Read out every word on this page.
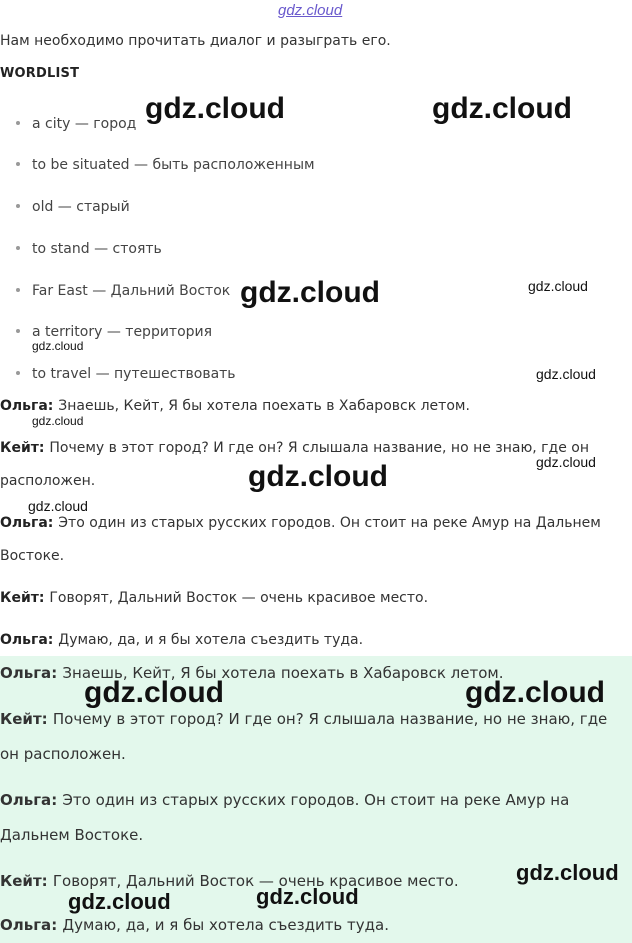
gdz.cloud
Нам необходимо прочитать диалог и разыграть его.
WORDLIST
a city — город
to be situated — быть расположенным
old — старый
to stand — стоять
Far East — Дальний Восток
a territory — территория
to travel — путешествовать
Ольга: Знаешь, Кейт, Я бы хотела поехать в Хабаровск летом.
Кейт: Почему в этот город? И где он? Я слышала название, но не знаю, где он
расположен.
Ольга: Это один из старых русских городов. Он стоит на реке Амур на Дальнем
Востоке.
Кейт: Говорят, Дальний Восток — очень красивое место.
Ольга: Думаю, да, и я бы хотела съездить туда.
Ольга: Знаешь, Кейт, Я бы хотела поехать в Хабаровск летом.
Кейт: Почему в этот город? И где он? Я слышала название, но не знаю, где
он расположен.
Ольга: Это один из старых русских городов. Он стоит на реке Амур на
Дальнем Востоке.
Кейт: Говорят, Дальний Восток — очень красивое место.
Ольга: Думаю, да, и я бы хотела съездить туда.
gdz.cloud	gdz.cloud
gdz.cloud	gdz.cloud
gdz.cloud
gdz.cloud
gdz.cloud
gdz.cloud
gdz.cloud
gdz.cloud
gdz.cloud	gdz.cloud
gdz.cloud
gdz.cloud
gdz.cloud
